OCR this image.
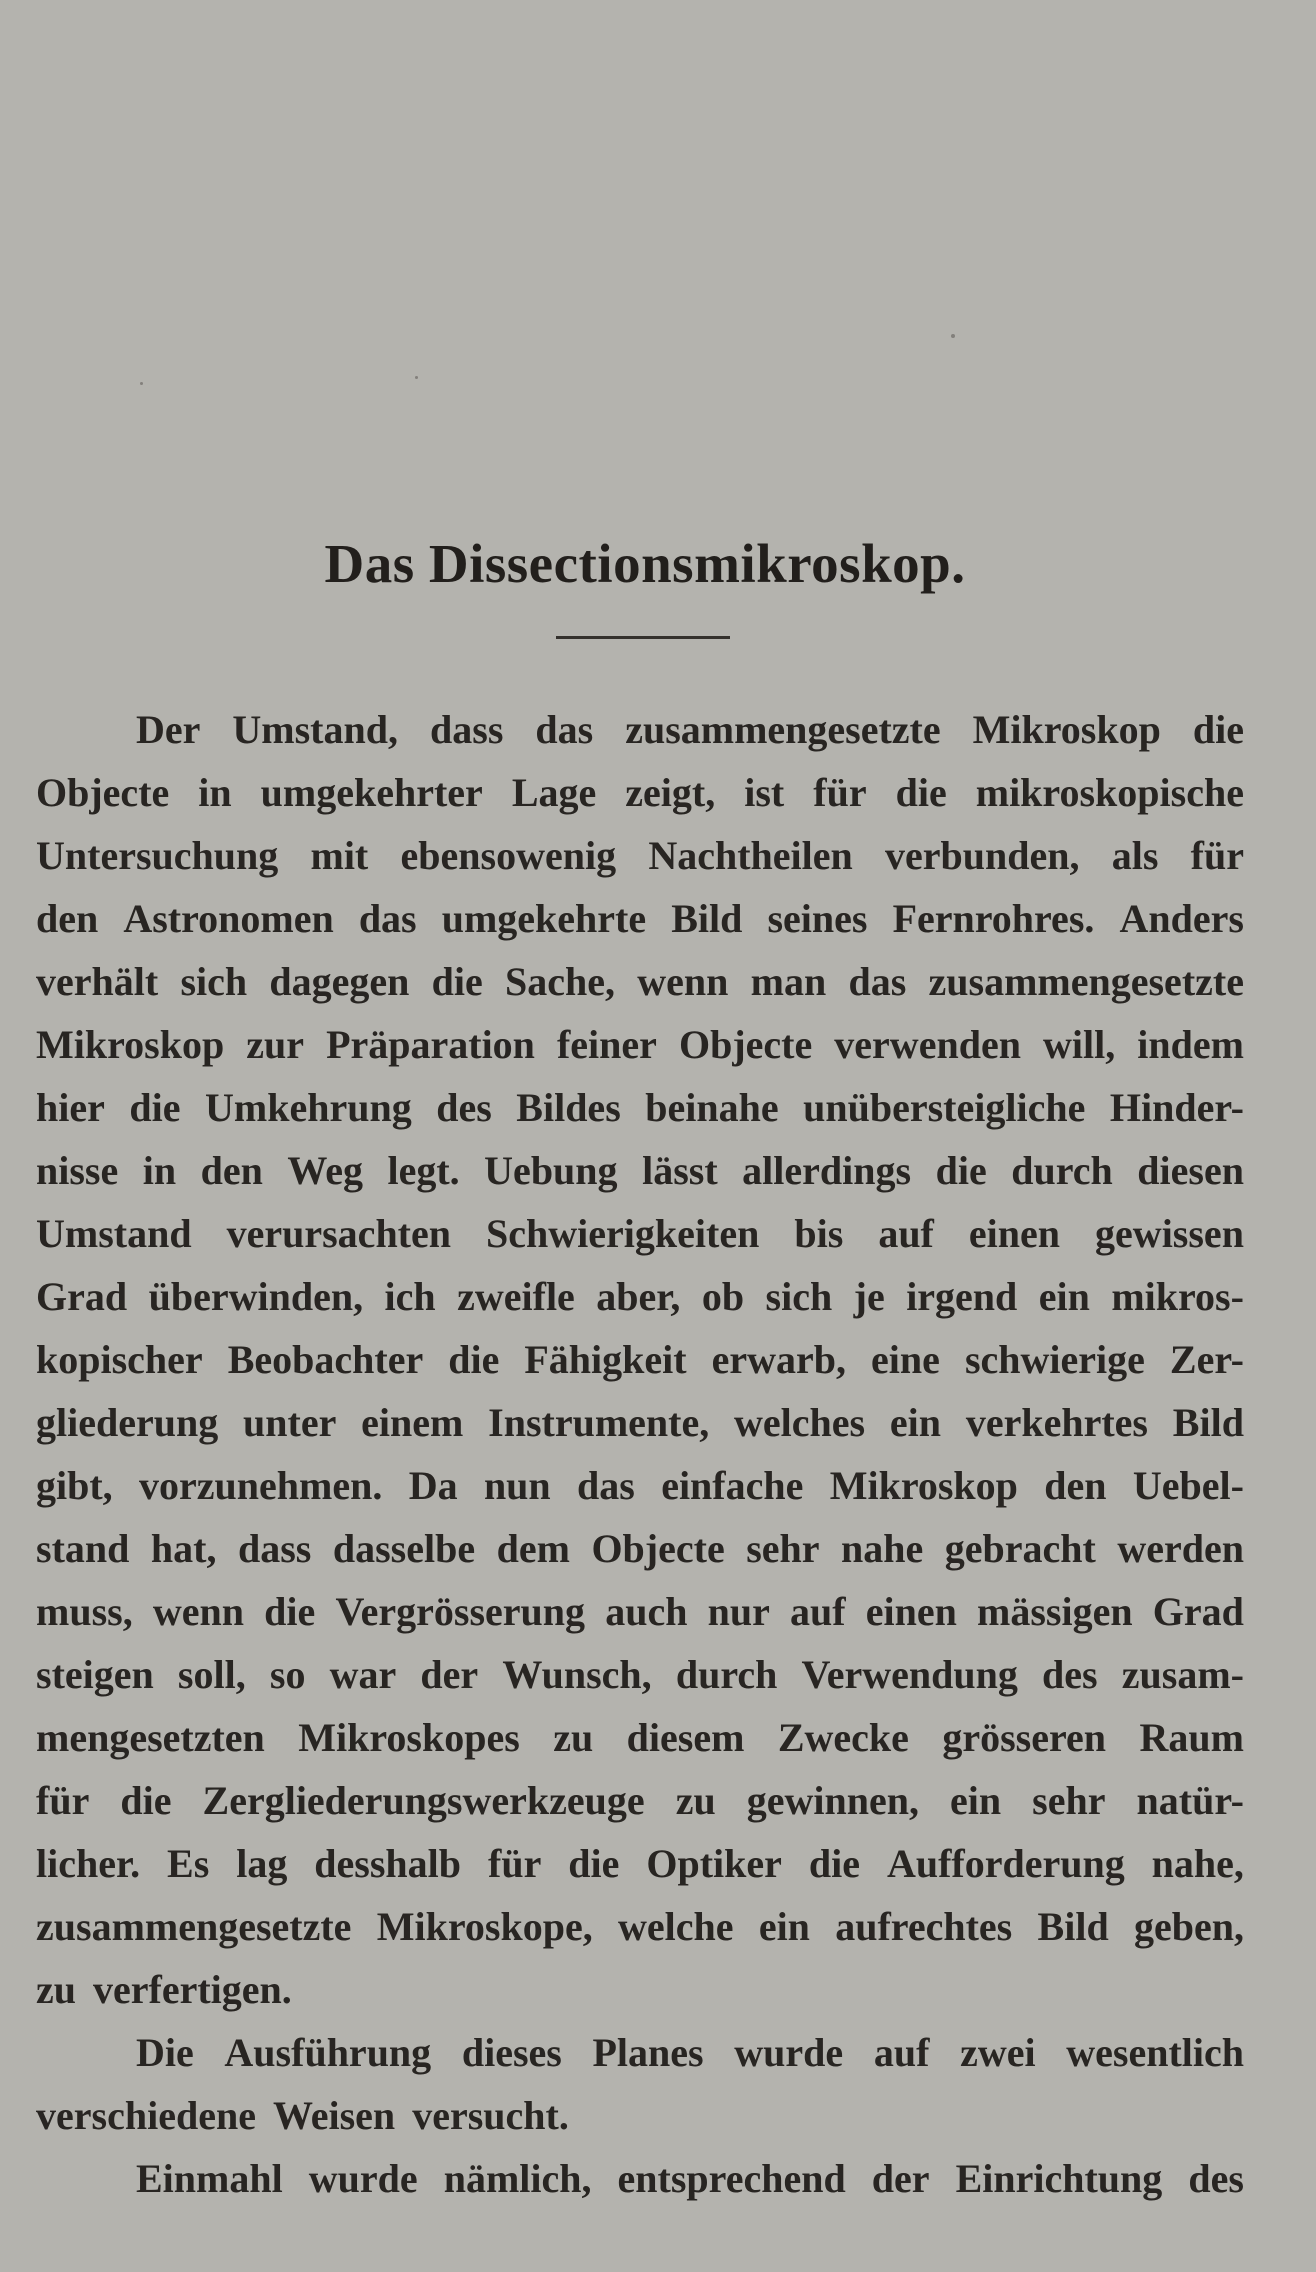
Das Dissectionsmikroskop.
Der Umstand, dass das zusammengesetzte Mikroskop die
Objecte in umgekehrter Lage zeigt, ist für die mikroskopische
Untersuchung mit ebensowenig Nachtheilen verbunden, als für
den Astronomen das umgekehrte Bild seines Fernrohres. Anders
verhält sich dagegen die Sache, wenn man das zusammengesetzte
Mikroskop zur Präparation feiner Objecte verwenden will, indem
hier die Umkehrung des Bildes beinahe unübersteigliche Hinder-
nisse in den Weg legt. Uebung lässt allerdings die durch diesen
Umstand verursachten Schwierigkeiten bis auf einen gewissen
Grad überwinden, ich zweifle aber, ob sich je irgend ein mikros-
kopischer Beobachter die Fähigkeit erwarb, eine schwierige Zer-
gliederung unter einem Instrumente, welches ein verkehrtes Bild
gibt, vorzunehmen. Da nun das einfache Mikroskop den Uebel-
stand hat, dass dasselbe dem Objecte sehr nahe gebracht werden
muss, wenn die Vergrösserung auch nur auf einen mässigen Grad
steigen soll, so war der Wunsch, durch Verwendung des zusam-
mengesetzten Mikroskopes zu diesem Zwecke grösseren Raum
für die Zergliederungswerkzeuge zu gewinnen, ein sehr natür-
licher. Es lag desshalb für die Optiker die Aufforderung nahe,
zusammengesetzte Mikroskope, welche ein aufrechtes Bild geben,
zu verfertigen.
Die Ausführung dieses Planes wurde auf zwei wesentlich
verschiedene Weisen versucht.
Einmahl wurde nämlich, entsprechend der Einrichtung des
